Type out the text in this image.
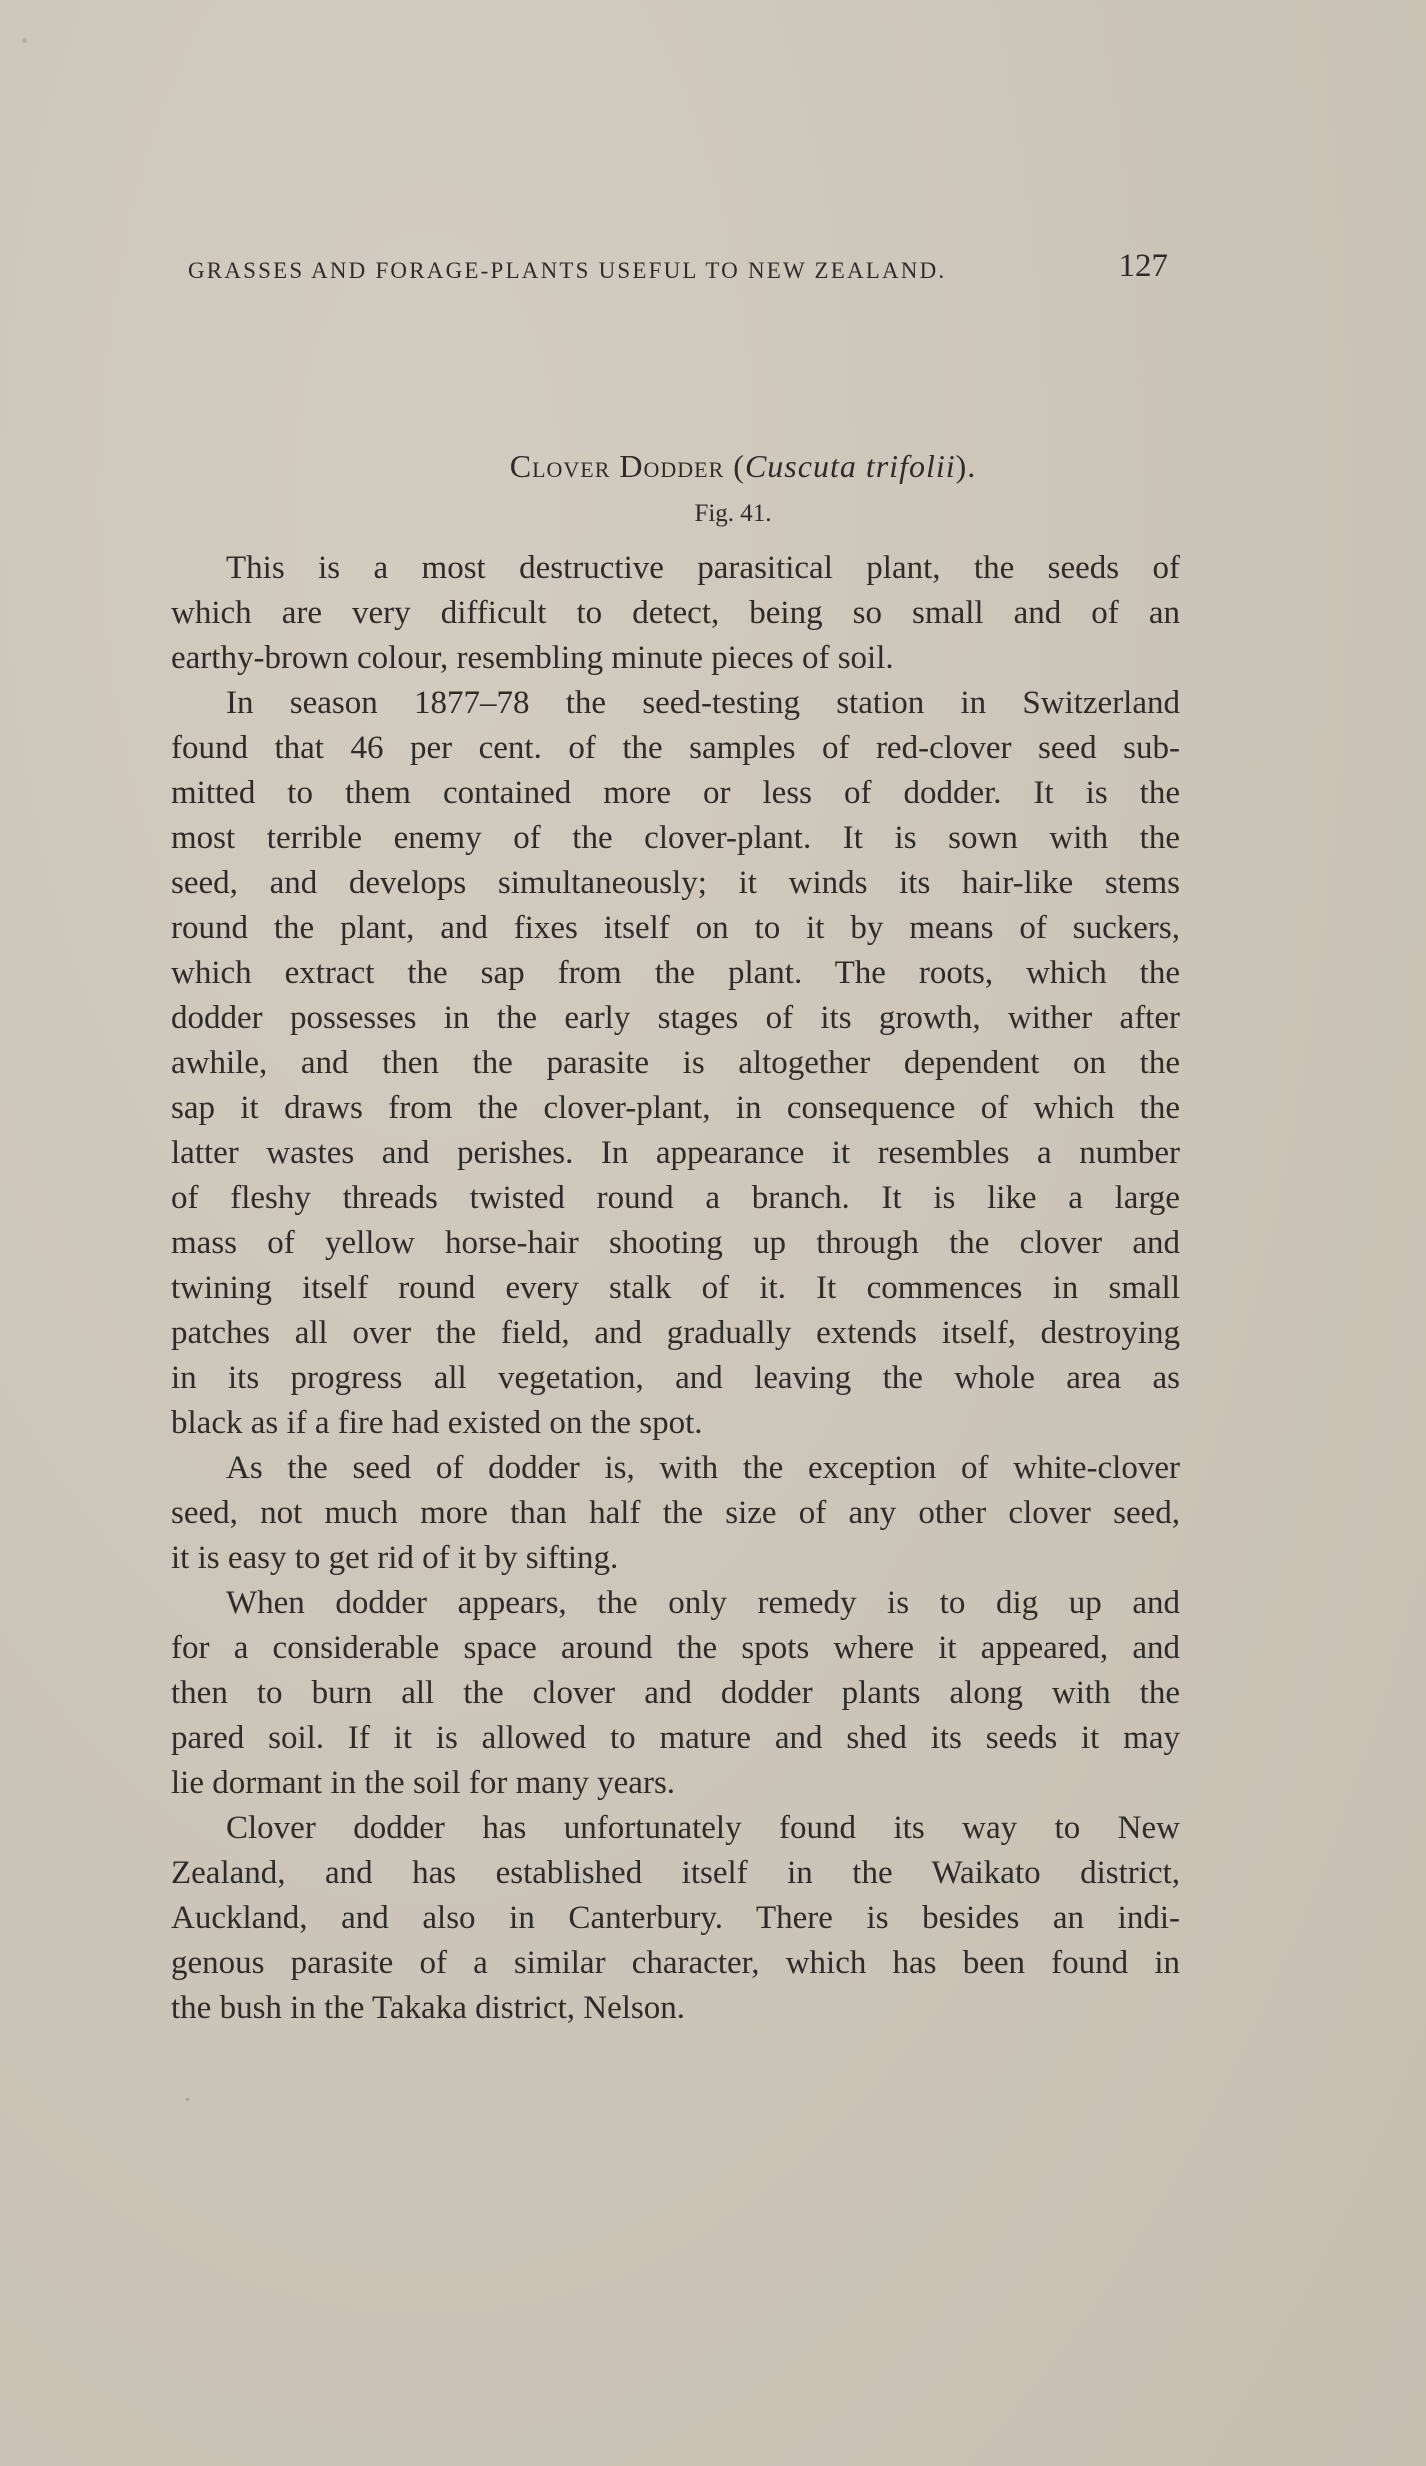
GRASSES AND FORAGE-PLANTS USEFUL TO NEW ZEALAND.	127
Clover Dodder (Cuscuta trifolii).
Fig. 41.
This is a most destructive parasitical plant, the seeds of
which are very difficult to detect, being so small and of an
earthy-brown colour, resembling minute pieces of soil.
In season 1877–78 the seed-testing station in Switzerland
found that 46 per cent. of the samples of red-clover seed sub-
mitted to them contained more or less of dodder. It is the
most terrible enemy of the clover-plant. It is sown with the
seed, and develops simultaneously; it winds its hair-like stems
round the plant, and fixes itself on to it by means of suckers,
which extract the sap from the plant. The roots, which the
dodder possesses in the early stages of its growth, wither after
awhile, and then the parasite is altogether dependent on the
sap it draws from the clover-plant, in consequence of which the
latter wastes and perishes. In appearance it resembles a number
of fleshy threads twisted round a branch. It is like a large
mass of yellow horse-hair shooting up through the clover and
twining itself round every stalk of it. It commences in small
patches all over the field, and gradually extends itself, destroying
in its progress all vegetation, and leaving the whole area as
black as if a fire had existed on the spot.
As the seed of dodder is, with the exception of white-clover
seed, not much more than half the size of any other clover seed,
it is easy to get rid of it by sifting.
When dodder appears, the only remedy is to dig up and
for a considerable space around the spots where it appeared, and
then to burn all the clover and dodder plants along with the
pared soil. If it is allowed to mature and shed its seeds it may
lie dormant in the soil for many years.
Clover dodder has unfortunately found its way to New
Zealand, and has established itself in the Waikato district,
Auckland, and also in Canterbury. There is besides an indi-
genous parasite of a similar character, which has been found in
the bush in the Takaka district, Nelson.
